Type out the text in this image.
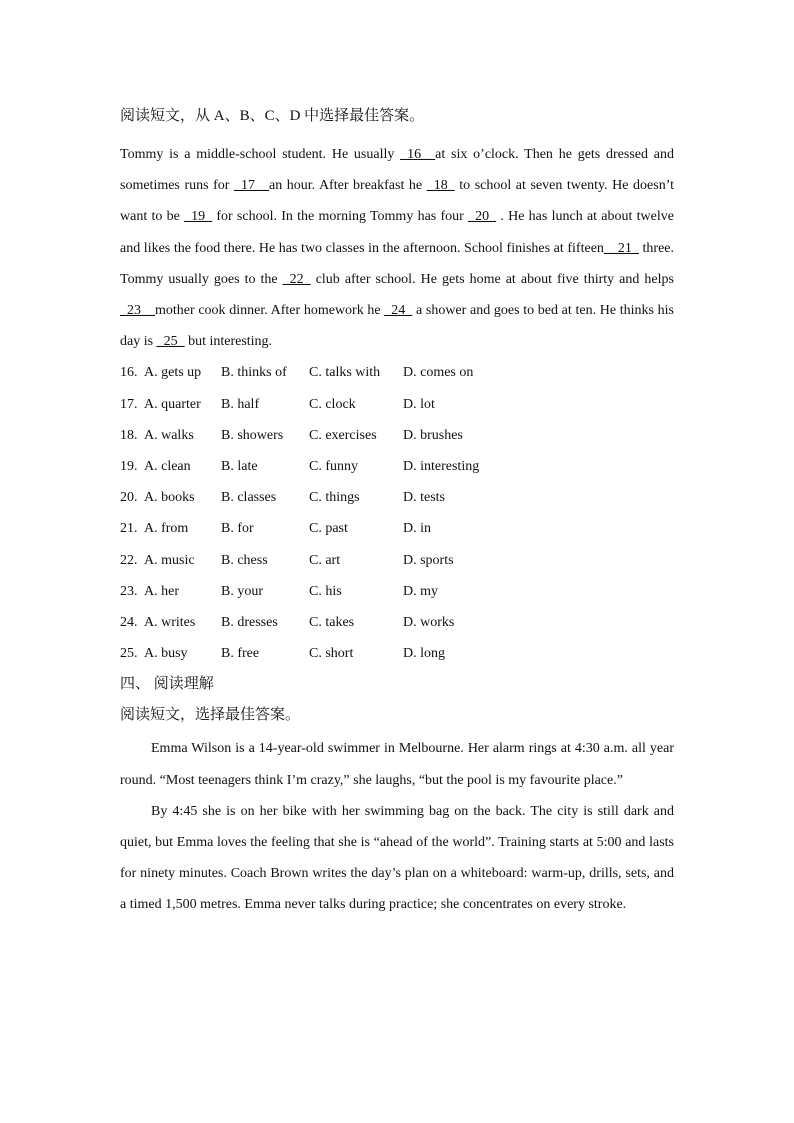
阅读短文，从 A、B、C、D 中选择最佳答案。

Tommy is a middle-school student. He usually _16__at six o’clock. Then he gets dressed and sometimes runs for _17__an hour. After breakfast he _18_ to school at seven twenty. He doesn’t want to be _19_ for school. In the morning Tommy has four _20_ . He has lunch at about twelve and likes the food there. He has two classes in the afternoon. School finishes at fifteen__21_ three. Tommy usually goes to the _22_ club after school. He gets home at about five thirty and helps _23__mother cook dinner. After homework he _24_ a shower and goes to bed at ten. He thinks his day is _25_ but interesting.

16. A. gets up B. thinks of C. talks with D. comes on
17. A. quarter B. half	C. clock	D. lot
18. A. walks B. showers C. exercises D. brushes
19. A. clean B. late	C. funny	D. interesting
20. A. books B. classes C. things	D. tests
21. A. from B. for	C. past	D. in
22. A. music B. chess	C. art	D. sports
23. A. her	B. your	C. his	D. my
24. A. writes B. dresses C. takes	D. works
25. A. busy B. free	C. short	D. long

四、 阅读理解

阅读短文，选择最佳答案。

Emma Wilson is a 14-year-old swimmer in Melbourne. Her alarm rings at 4:30 a.m. all year round. “Most teenagers think I’m crazy,” she laughs, “but the pool is my favourite place.”

By 4:45 she is on her bike with her swimming bag on the back. The city is still dark and quiet, but Emma loves the feeling that she is “ahead of the world”. Training starts at 5:00 and lasts for ninety minutes. Coach Brown writes the day’s plan on a whiteboard: warm-up, drills, sets, and a timed 1,500 metres. Emma never talks during practice; she concentrates on every stroke.
